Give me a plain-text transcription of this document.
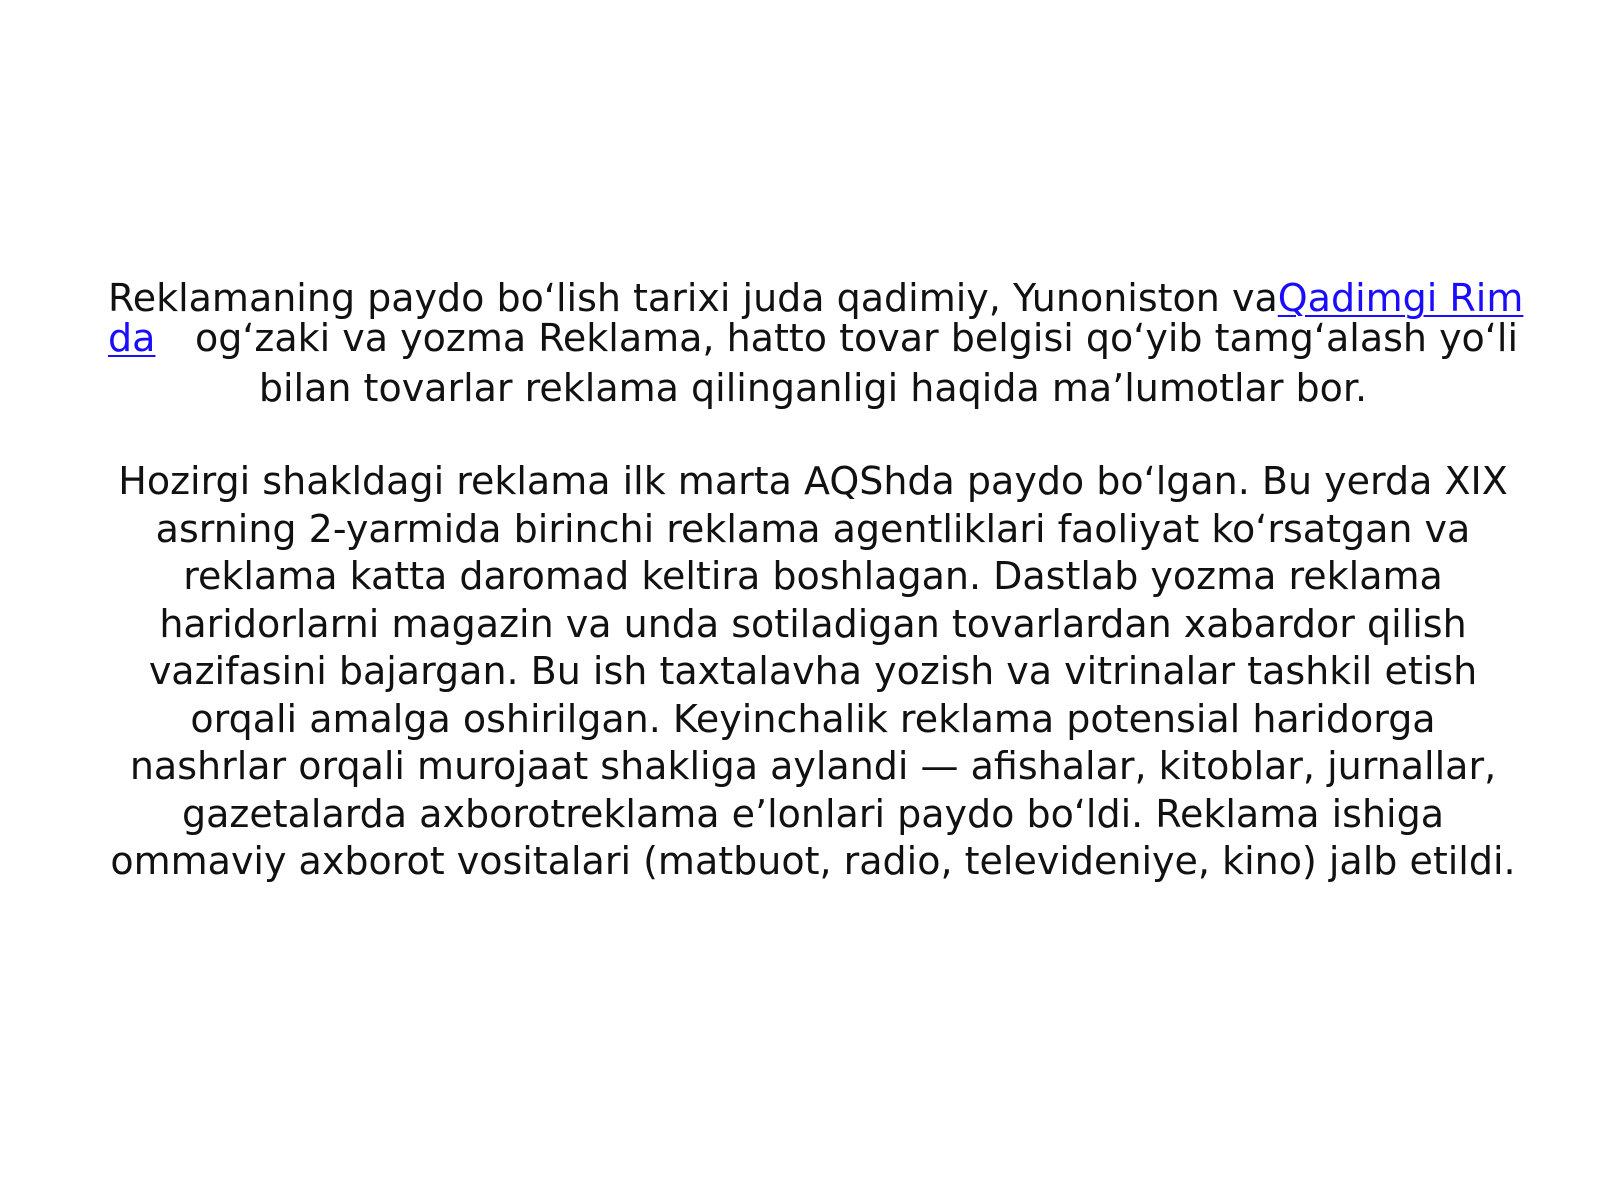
Reklamaning paydo bo‘lish tarixi juda qadimiy, Yunoniston va Qadimgi Rim
da og‘zaki va yozma Reklama, hatto tovar belgisi qo‘yib tamg‘alash yo‘li
bilan tovarlar reklama qilinganligi haqida ma’lumotlar bor.

Hozirgi shakldagi reklama ilk marta AQShda paydo bo‘lgan. Bu yerda XIX asrning 2-yarmida birinchi reklama agentliklari faoliyat ko‘rsatgan va reklama katta daromad keltira boshlagan. Dastlab yozma reklama haridorlarni magazin va unda sotiladigan tovarlardan xabardor qilish vazifasini bajargan. Bu ish taxtalavha yozish va vitrinalar tashkil etish orqali amalga oshirilgan. Keyinchalik reklama potensial haridorga nashrlar orqali murojaat shakliga aylandi — afishalar, kitoblar, jurnallar, gazetalarda axborotreklama e’lonlari paydo bo‘ldi. Reklama ishiga ommaviy axborot vositalari (matbuot, radio, televideniye, kino) jalb etildi.
